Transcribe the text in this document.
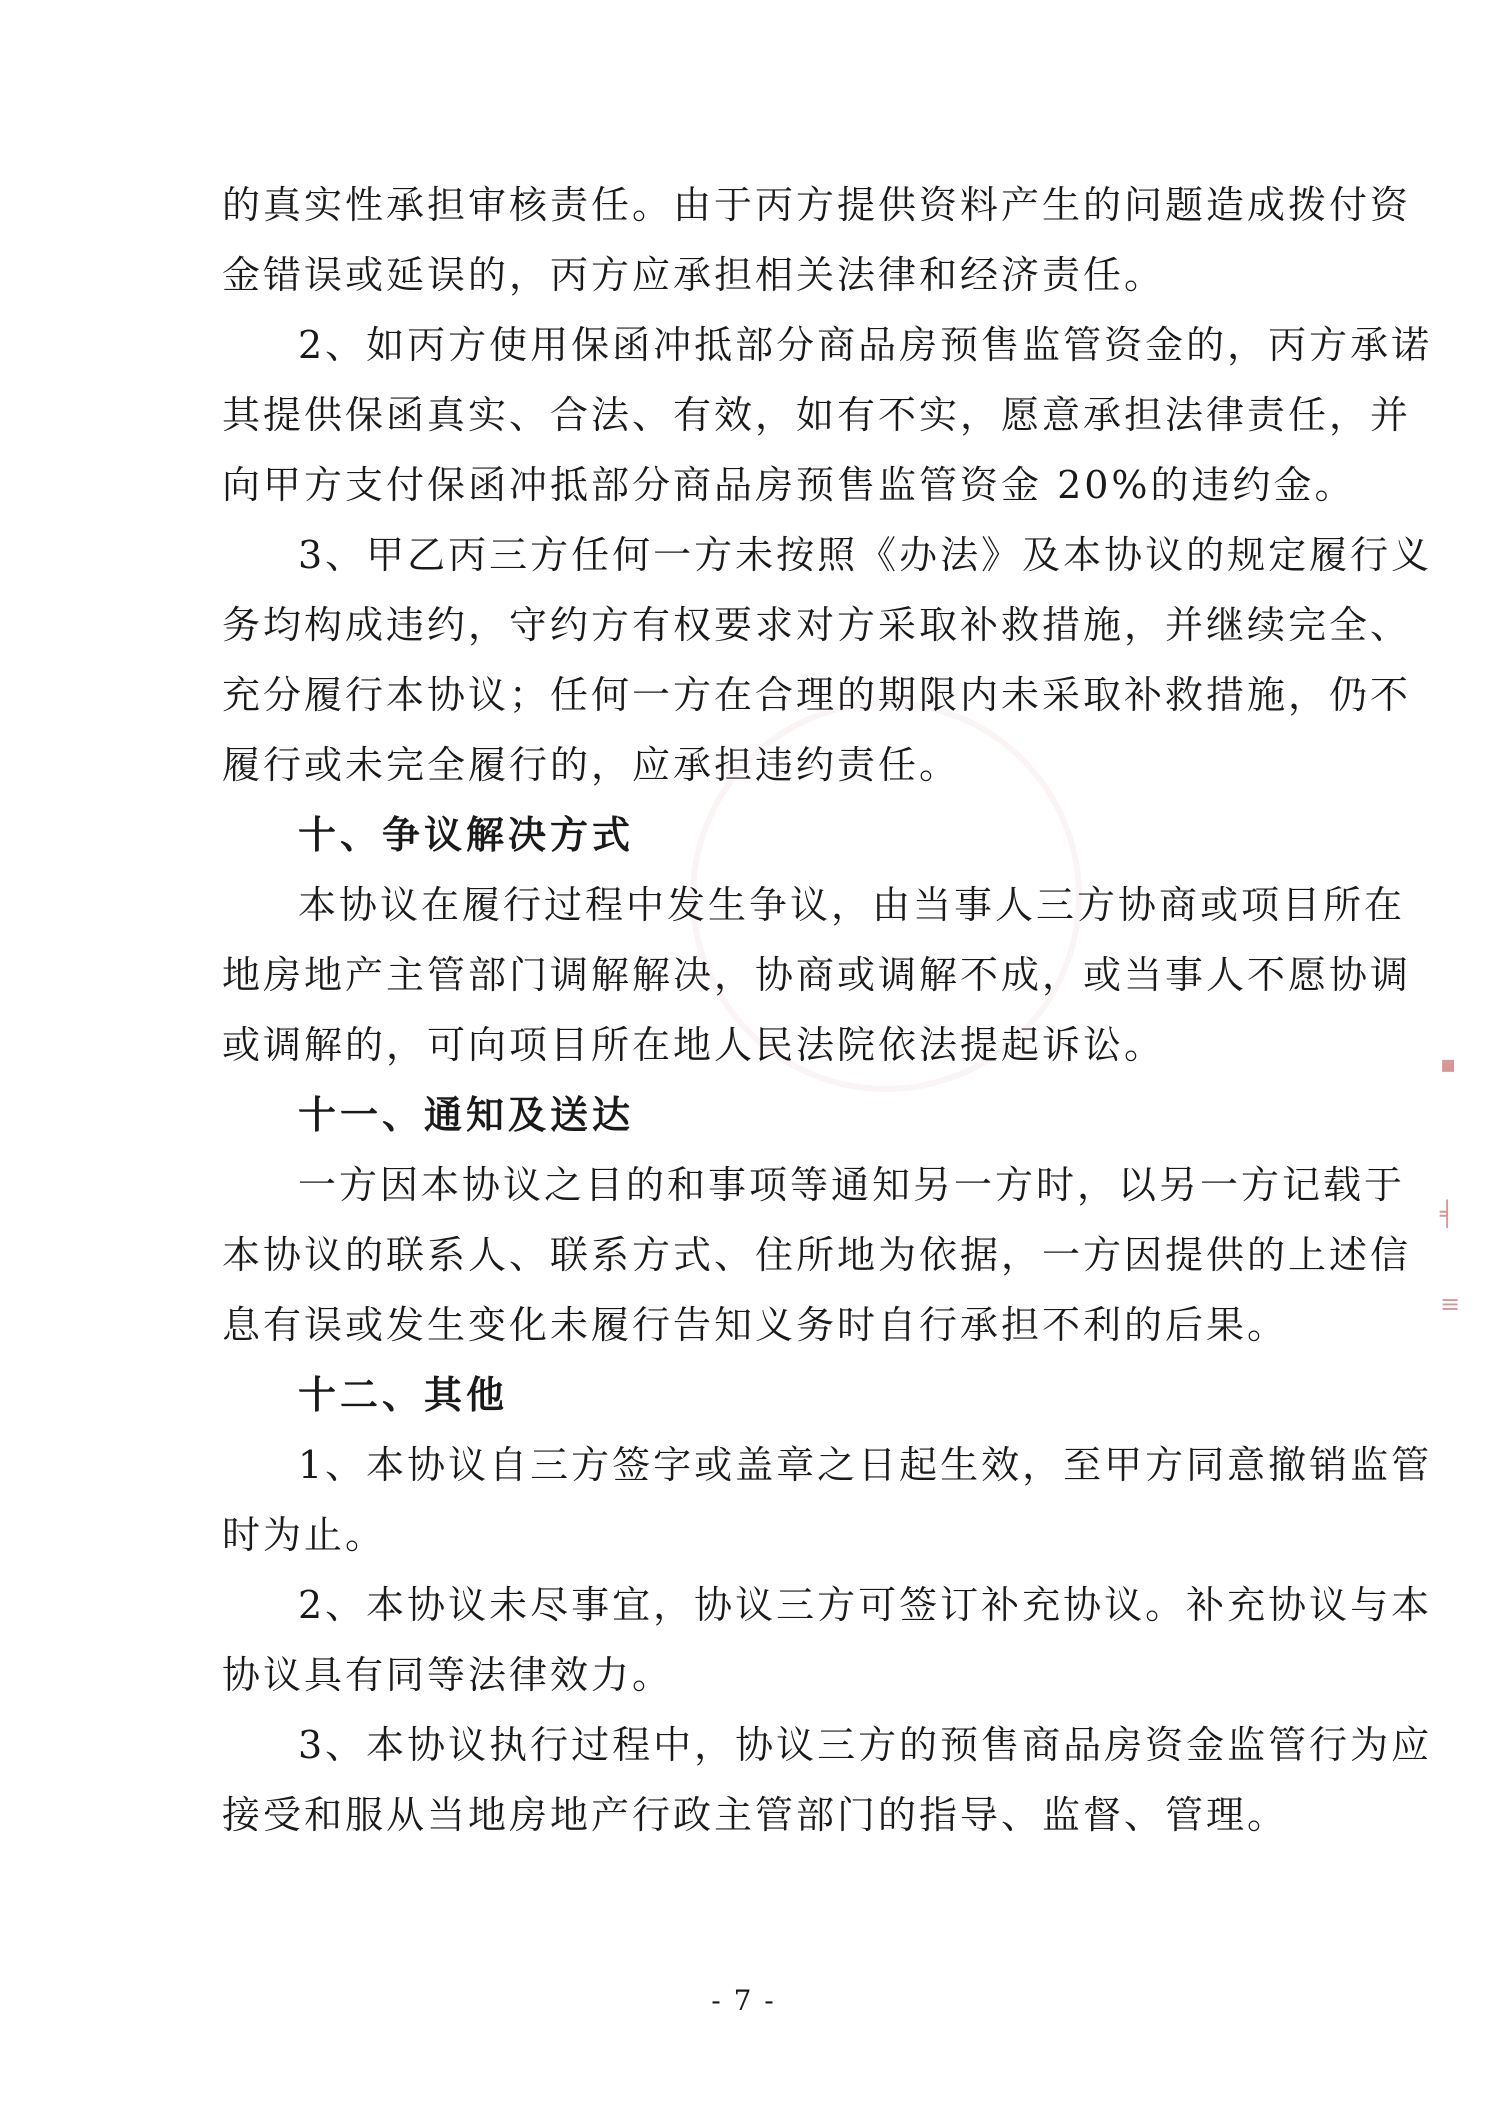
▪
╡
≡
的真实性承担审核责任。由于丙方提供资料产生的问题造成拨付资
金错误或延误的，丙方应承担相关法律和经济责任。
2、如丙方使用保函冲抵部分商品房预售监管资金的，丙方承诺
其提供保函真实、合法、有效，如有不实，愿意承担法律责任，并
向甲方支付保函冲抵部分商品房预售监管资金 20%的违约金。
3、甲乙丙三方任何一方未按照《办法》及本协议的规定履行义
务均构成违约，守约方有权要求对方采取补救措施，并继续完全、
充分履行本协议；任何一方在合理的期限内未采取补救措施，仍不
履行或未完全履行的，应承担违约责任。
十、争议解决方式
本协议在履行过程中发生争议，由当事人三方协商或项目所在
地房地产主管部门调解解决，协商或调解不成，或当事人不愿协调
或调解的，可向项目所在地人民法院依法提起诉讼。
十一、通知及送达
一方因本协议之目的和事项等通知另一方时，以另一方记载于
本协议的联系人、联系方式、住所地为依据，一方因提供的上述信
息有误或发生变化未履行告知义务时自行承担不利的后果。
十二、其他
1、本协议自三方签字或盖章之日起生效，至甲方同意撤销监管
时为止。
2、本协议未尽事宜，协议三方可签订补充协议。补充协议与本
协议具有同等法律效力。
3、本协议执行过程中，协议三方的预售商品房资金监管行为应
接受和服从当地房地产行政主管部门的指导、监督、管理。
- 7 -
